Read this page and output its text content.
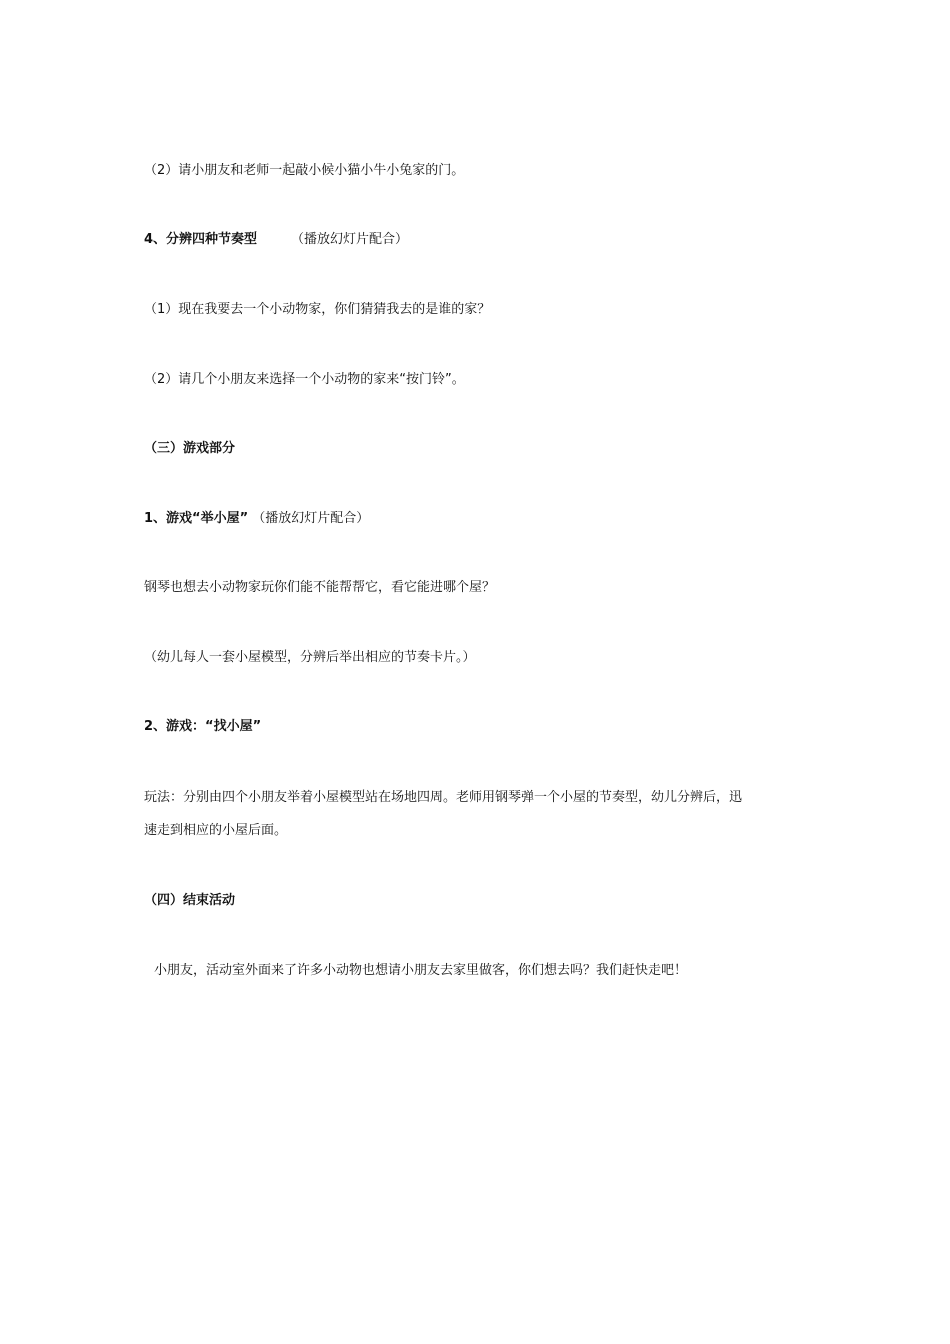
（2）请小朋友和老师一起敲小候小猫小牛小兔家的门。
4、分辨四种节奏型	（播放幻灯片配合）
（1）现在我要去一个小动物家，你们猜猜我去的是谁的家？
（2）请几个小朋友来选择一个小动物的家来“按门铃”。
（三）游戏部分
1、游戏“举小屋” （播放幻灯片配合）
钢琴也想去小动物家玩你们能不能帮帮它，看它能进哪个屋？
（幼儿每人一套小屋模型，分辨后举出相应的节奏卡片。）
2、游戏：“找小屋”
玩法：分别由四个小朋友举着小屋模型站在场地四周。老师用钢琴弹一个小屋的节奏型，幼儿分辨后，迅
速走到相应的小屋后面。
（四）结束活动
小朋友，活动室外面来了许多小动物也想请小朋友去家里做客，你们想去吗？我们赶快走吧！
